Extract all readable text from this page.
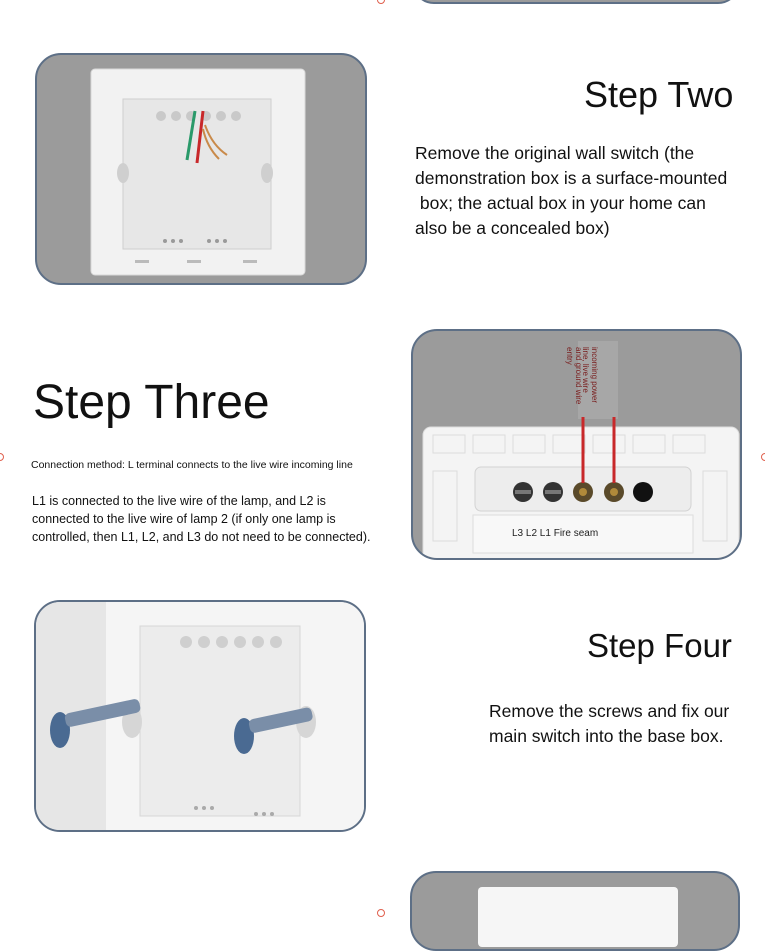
Step Two
Remove the original wall switch (the
demonstration box is a surface-mounted
box; the actual box in your home can
also be a concealed box)
Step Three
Connection method: L terminal connects to the live wire incoming line
L1 is connected to the live wire of the lamp, and L2 is
connected to the live wire of lamp 2 (if only one lamp is
controlled, then L1, L2, and L3 do not need to be connected).
incoming power line, live wire
and ground wire entry
L3 L2 L1 Fire seam
Step Four
Remove the screws and fix our
main switch into the base box.
